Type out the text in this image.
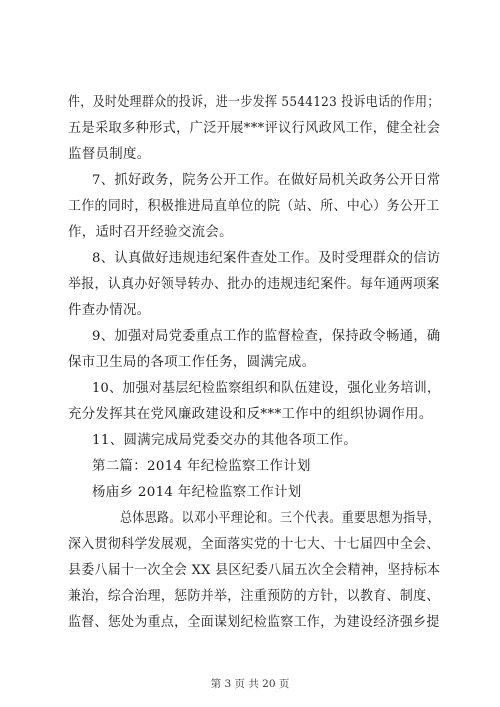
件，及时处理群众的投诉，进一步发挥 5544123 投诉电话的作用；
五是采取多种形式，广泛开展***评议行风政风工作，健全社会
监督员制度。
7、抓好政务，院务公开工作。在做好局机关政务公开日常
工作的同时，积极推进局直单位的院（站、所、中心）务公开工
作，适时召开经验交流会。
8、认真做好违规违纪案件查处工作。及时受理群众的信访
举报，认真办好领导转办、批办的违规违纪案件。每年通两项案
件查办情况。
9、加强对局党委重点工作的监督检查，保持政令畅通，确
保市卫生局的各项工作任务，圆满完成。
10、加强对基层纪检监察组织和队伍建设，强化业务培训，
充分发挥其在党风廉政建设和反***工作中的组织协调作用。
11、圆满完成局党委交办的其他各项工作。
第二篇：2014 年纪检监察工作计划
杨庙乡 2014 年纪检监察工作计划
总体思路。以邓小平理论和。三个代表。重要思想为指导，
深入贯彻科学发展观，全面落实党的十七大、十七届四中全会、
县委八届十一次全会 XX 县区纪委八届五次全会精神，坚持标本
兼治，综合治理，惩防并举，注重预防的方针，以教育、制度、
监督、惩处为重点，全面谋划纪检监察工作，为建设经济强乡提
第 3 页 共 20 页
